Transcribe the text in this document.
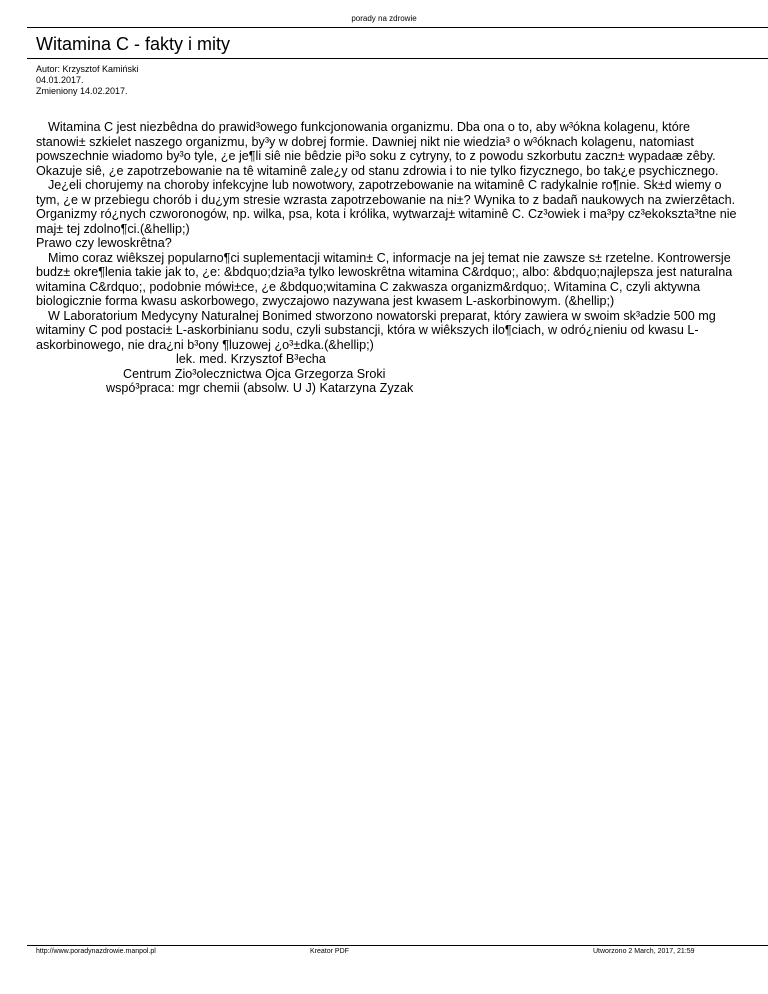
porady na zdrowie
Witamina C - fakty i mity
Autor: Krzysztof Kamiński
04.01.2017.
Zmieniony 14.02.2017.

Witamina C jest niezbêdna do prawid³owego funkcjonowania organizmu. Dba ona o to, aby w³ókna kolagenu, które stanowi± szkielet naszego organizmu, by³y w dobrej formie. Dawniej nikt nie wiedzia³ o w³óknach kolagenu, natomiast powszechnie wiadomo by³o tyle, ¿e je¶li siê nie bêdzie pi³o soku z cytryny, to z powodu szkorbutu zaczn± wypadaæ zêby. Okazuje siê, ¿e zapotrzebowanie na tê witaminê zale¿y od stanu zdrowia i to nie tylko fizycznego, bo tak¿e psychicznego.

Je¿eli chorujemy na choroby infekcyjne lub nowotwory, zapotrzebowanie na witaminê C radykalnie ro¶nie. Sk±d wiemy o tym, ¿e w przebiegu chorób i du¿ym stresie wzrasta zapotrzebowanie na ni±? Wynika to z badañ naukowych na zwierzêtach. Organizmy ró¿nych czworonogów, np. wilka, psa, kota i królika, wytwarzaj± witaminê C. Cz³owiek i ma³py cz³ekokszta³tne nie maj± tej zdolno¶ci.(&hellip;)

Prawo czy lewoskrêtna?

Mimo coraz wiêkszej popularno¶ci suplementacji witamin± C, informacje na jej temat nie zawsze s± rzetelne. Kontrowersje budz± okre¶lenia takie jak to, ¿e: &bdquo;dzia³a tylko lewoskrêtna witamina C&rdquo;, albo: &bdquo;najlepsza jest naturalna witamina C&rdquo;, podobnie mówi±ce, ¿e &bdquo;witamina C zakwasza organizm&rdquo;. Witamina C, czyli aktywna biologicznie forma kwasu askorbowego, zwyczajowo nazywana jest kwasem L-askorbinowym. (&hellip;)

W Laboratorium Medycyny Naturalnej Bonimed stworzono nowatorski preparat, który zawiera w swoim sk³adzie 500 mg witaminy C pod postaci± L-askorbinianu sodu, czyli substancji, która w wiêkszych ilo¶ciach, w odró¿nieniu od kwasu L-askorbinowego, nie dra¿ni b³ony ¶luzowej ¿o³±dka.(&hellip;)

lek. med. Krzysztof B³echa

Centrum Zio³olecznictwa Ojca Grzegorza Sroki

wspó³praca: mgr chemii (absolw. U J) Katarzyna Zyzak

http://www.poradynazdrowie.manpol.pl	Kreator PDF	Utworzono 2 March, 2017, 21:59
